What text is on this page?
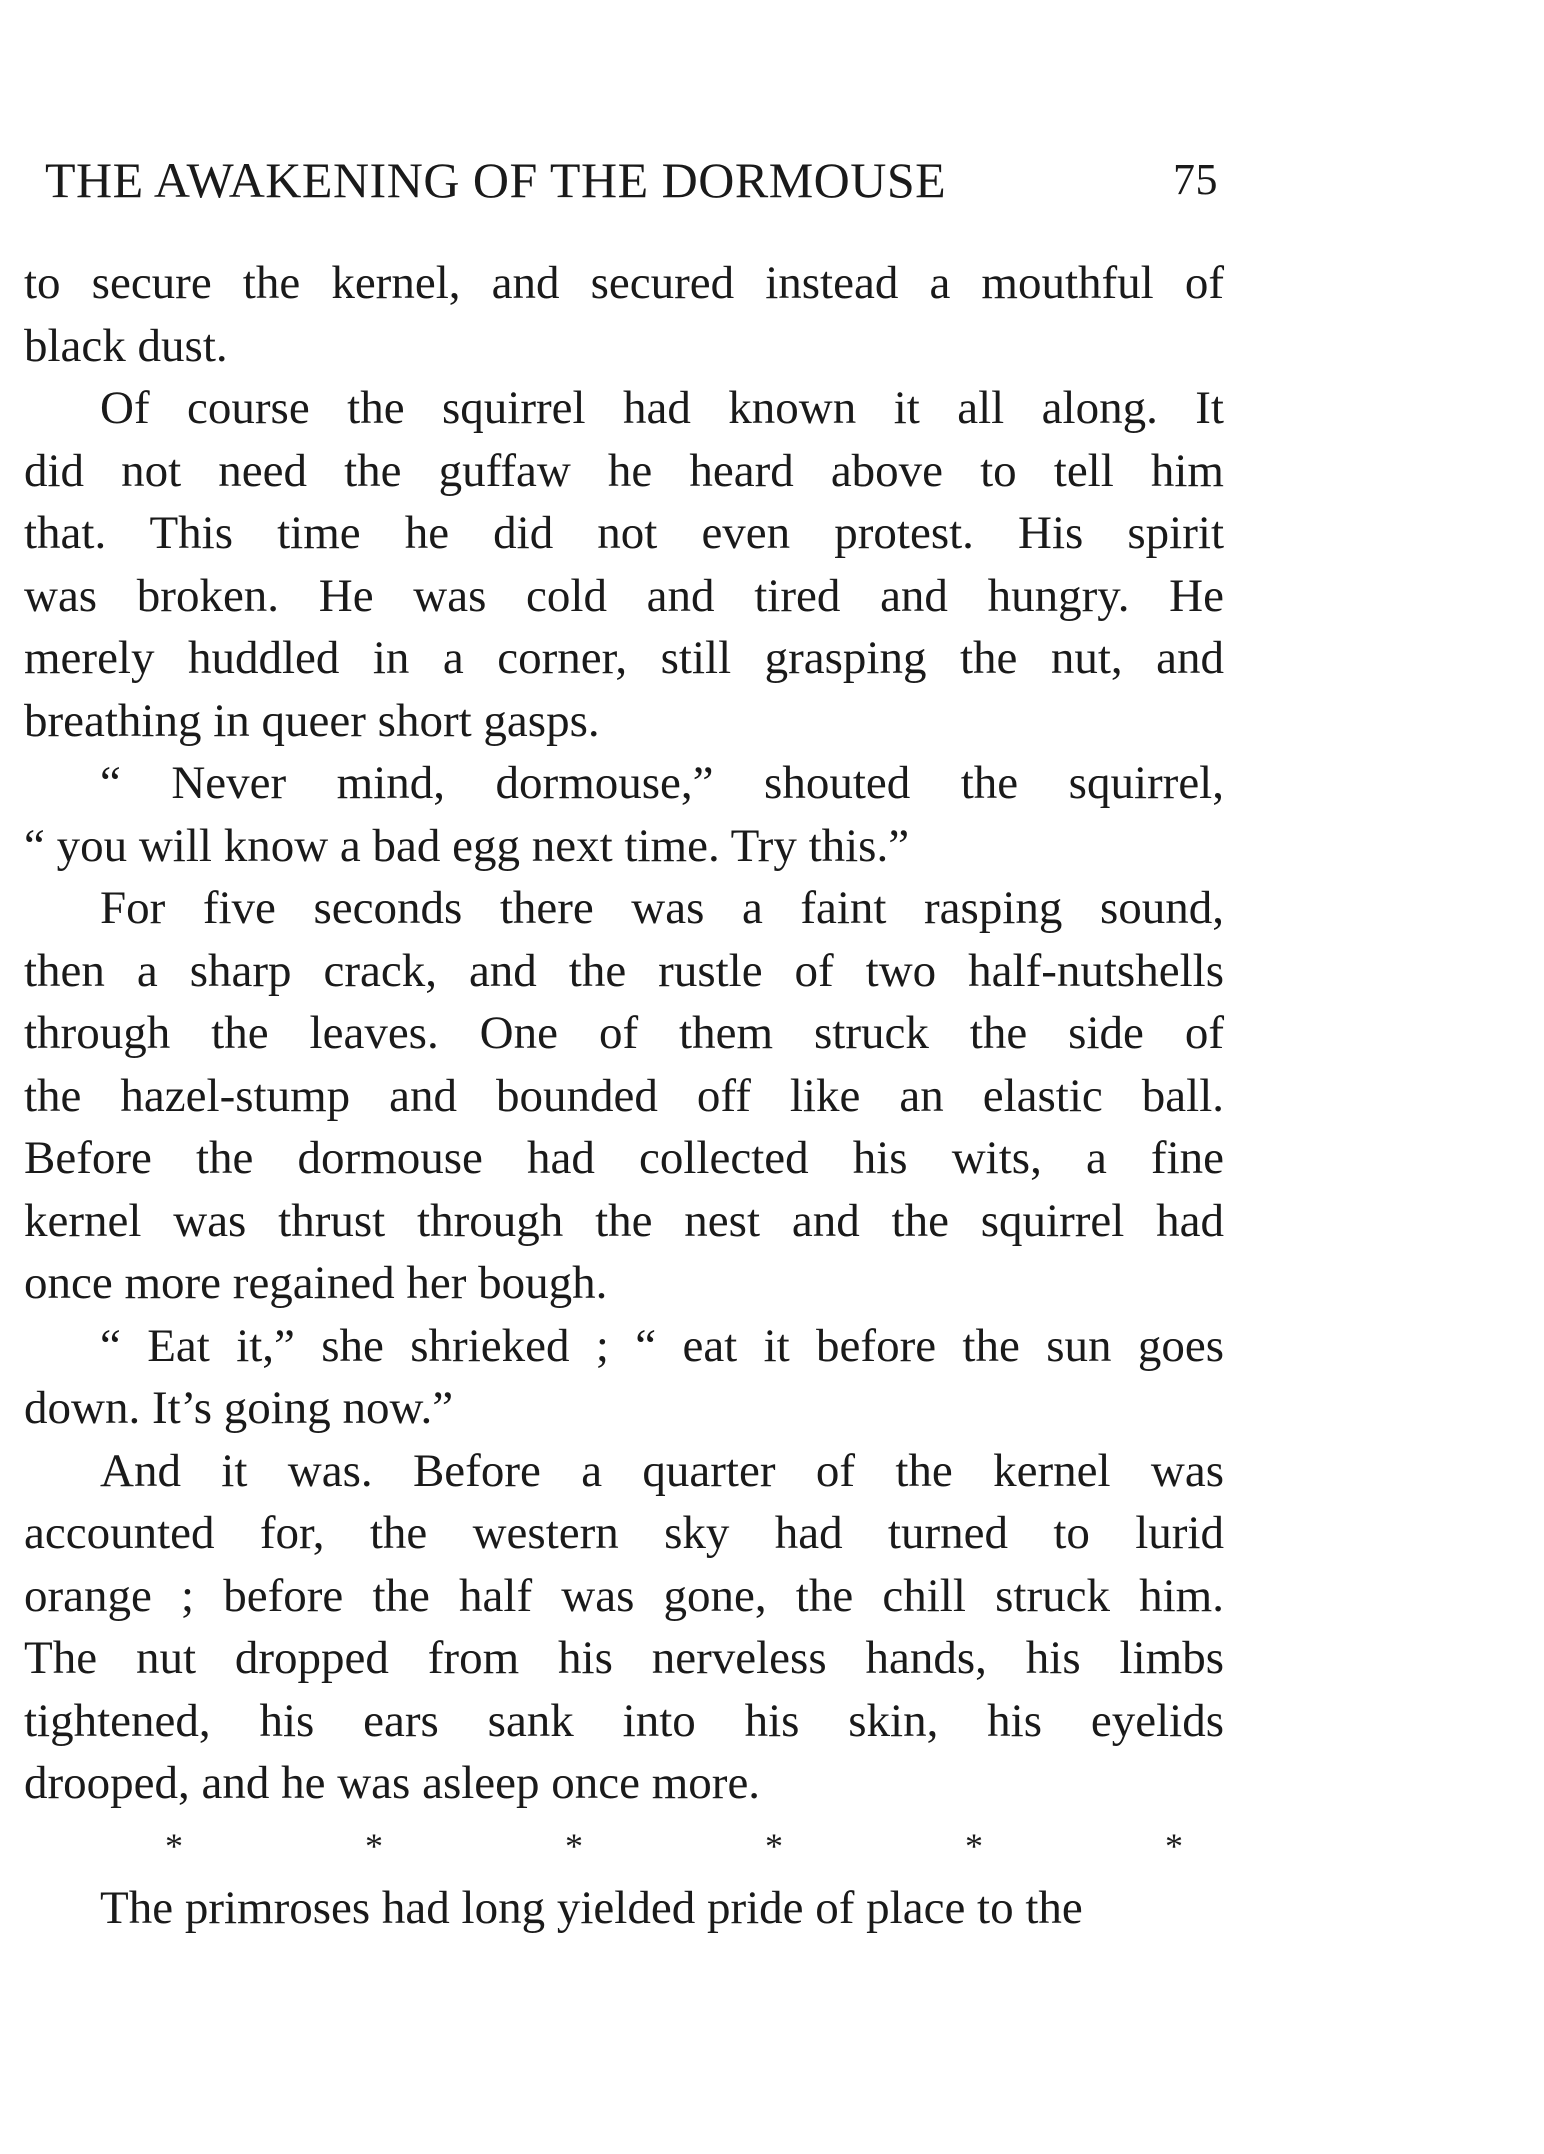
THE AWAKENING OF THE DORMOUSE	75
to secure the kernel, and secured instead a mouthful of
black dust.
Of course the squirrel had known it all along. It
did not need the guffaw he heard above to tell him
that. This time he did not even protest. His spirit
was broken. He was cold and tired and hungry. He
merely huddled in a corner, still grasping the nut, and
breathing in queer short gasps.
“ Never mind, dormouse,” shouted the squirrel,
“ you will know a bad egg next time. Try this.”
For five seconds there was a faint rasping sound,
then a sharp crack, and the rustle of two half-nutshells
through the leaves. One of them struck the side of
the hazel-stump and bounded off like an elastic ball.
Before the dormouse had collected his wits, a fine
kernel was thrust through the nest and the squirrel had
once more regained her bough.
“ Eat it,” she shrieked ; “ eat it before the sun goes
down. It’s going now.”
And it was. Before a quarter of the kernel was
accounted for, the western sky had turned to lurid
orange ; before the half was gone, the chill struck him.
The nut dropped from his nerveless hands, his limbs
tightened, his ears sank into his skin, his eyelids
drooped, and he was asleep once more.
*	*	*	*	*	*
The primroses had long yielded pride of place to the
